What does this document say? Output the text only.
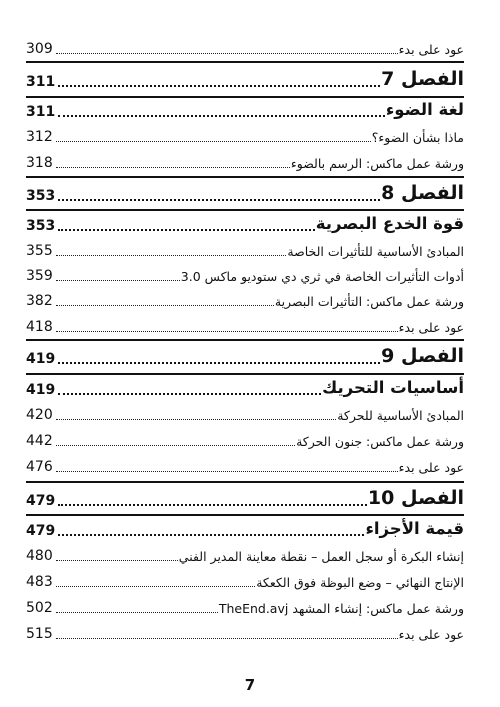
309	عود على بدء
311	الفصل 7
311	لغة الضوء
312	ماذا بشأن الضوء؟
318	ورشة عمل ماكس: الرسم بالضوء
353	الفصل 8
353	قوة الخدع البصرية
355	المبادئ الأساسية للتأثيرات الخاصة
359	أدوات التأثيرات الخاصة في ثري دي ستوديو ماكس 3.0
382	ورشة عمل ماكس: التأثيرات البصرية
418	عود على بدء
419	الفصل 9
419	أساسيات التحريك
420	المبادئ الأساسية للحركة
442	ورشة عمل ماكس: جنون الحركة
476	عود على بدء
479	الفصل 10
479	قيمة الأجزاء
480	إنشاء البكرة أو سجل العمل – نقطة معاينة المدير الفني
483	الإنتاج النهائي – وضع البوظة فوق الكعكة
502	ورشة عمل ماكس: إنشاء المشهد TheEnd.avj
515	عود على بدء
7
